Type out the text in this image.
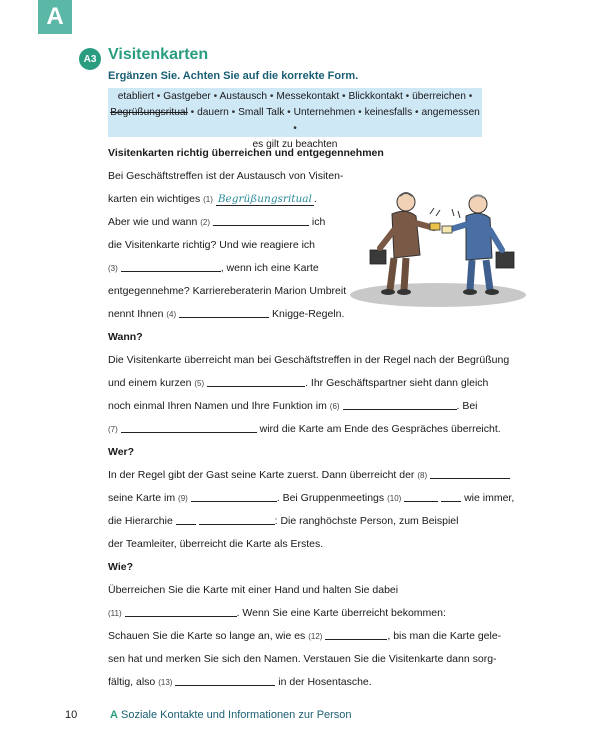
A
A3 Visitenkarten
Ergänzen Sie. Achten Sie auf die korrekte Form.
etabliert • Gastgeber • Austausch • Messekontakt • Blickkontakt • überreichen •
Begrüßungsritual • dauern • Small Talk • Unternehmen • keinesfalls • angemessen •
es gilt zu beachten
Visitenkarten richtig überreichen und entgegennehmen
Bei Geschäftstreffen ist der Austausch von Visiten-
karten ein wichtiges (1) Begrüßungsritual .
Aber wie und wann (2)	ich
die Visitenkarte richtig? Und wie reagiere ich
(3)	, wenn ich eine Karte
entgegennehme? Karriereberaterin Marion Umbreit
nennt Ihnen (4)	Knigge-Regeln.
Wann?
Die Visitenkarte überreicht man bei Geschäftstreffen in der Regel nach der Begrüßung
und einem kurzen (5)	. Ihr Geschäftspartner sieht dann gleich
noch einmal Ihren Namen und Ihre Funktion im (6)	. Bei
(7)	wird die Karte am Ende des Gespräches überreicht.
Wer?
In der Regel gibt der Gast seine Karte zuerst. Dann überreicht der (8)
seine Karte im (9)	. Bei Gruppenmeetings (10)	wie immer,
die Hierarchie	: Die ranghöchste Person, zum Beispiel
der Teamleiter, überreicht die Karte als Erstes.
Wie?
Überreichen Sie die Karte mit einer Hand und halten Sie dabei
(11)	. Wenn Sie eine Karte überreicht bekommen:
Schauen Sie die Karte so lange an, wie es (12)	, bis man die Karte gele-
sen hat und merken Sie sich den Namen. Verstauen Sie die Visitenkarte dann sorg-
fältig, also (13)	in der Hosentasche.
10	A Soziale Kontakte und Informationen zur Person
